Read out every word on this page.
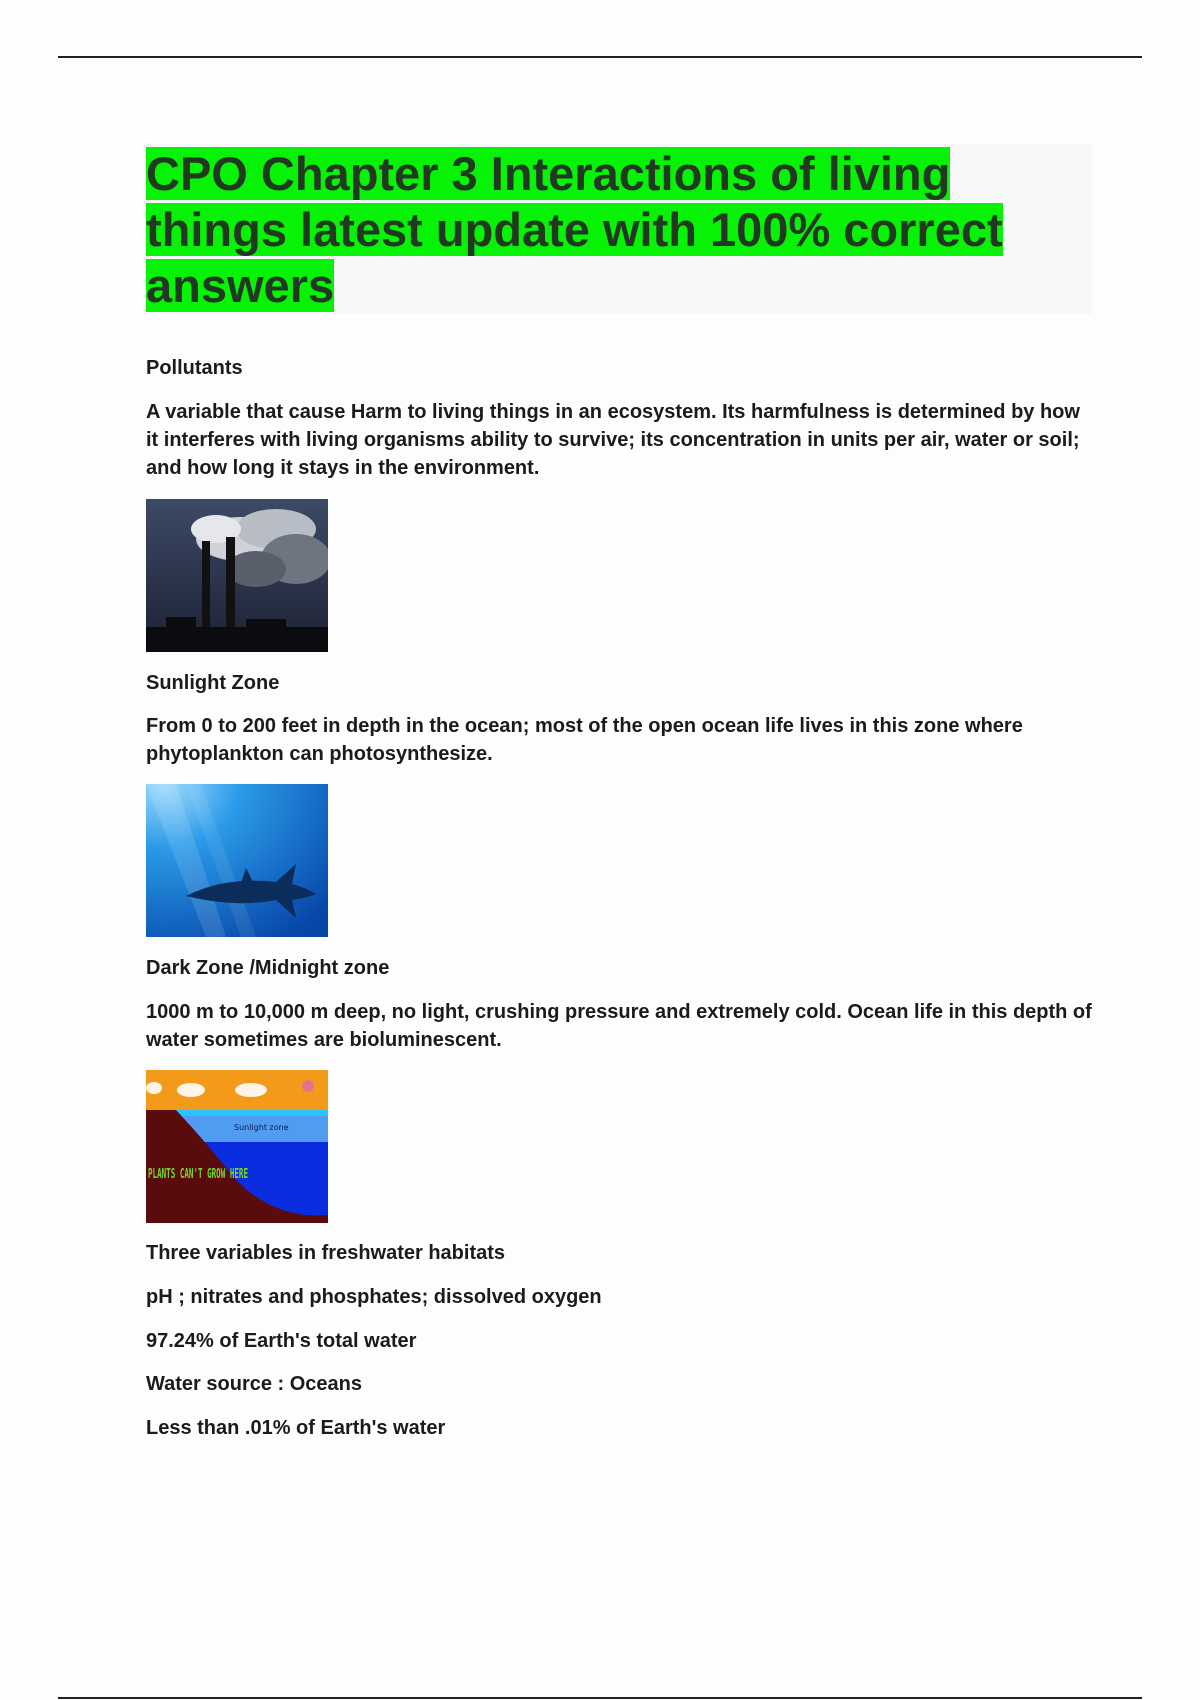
CPO Chapter 3 Interactions of living things latest update with 100% correct answers

Pollutants

A variable that cause Harm to living things in an ecosystem. Its harmfulness is determined by how it interferes with living organisms ability to survive; its concentration in units per air, water or soil; and how long it stays in the environment.

Sunlight Zone

From 0 to 200 feet in depth in the ocean; most of the open ocean life lives in this zone where phytoplankton can photosynthesize.

Dark Zone /Midnight zone

1000 m to 10,000 m deep, no light, crushing pressure and extremely cold. Ocean life in this depth of water sometimes are bioluminescent.

Sunlight zone
PLANTS CAN'T GROW HERE

Three variables in freshwater habitats

pH ; nitrates and phosphates; dissolved oxygen

97.24% of Earth's total water

Water source : Oceans

Less than .01% of Earth's water
